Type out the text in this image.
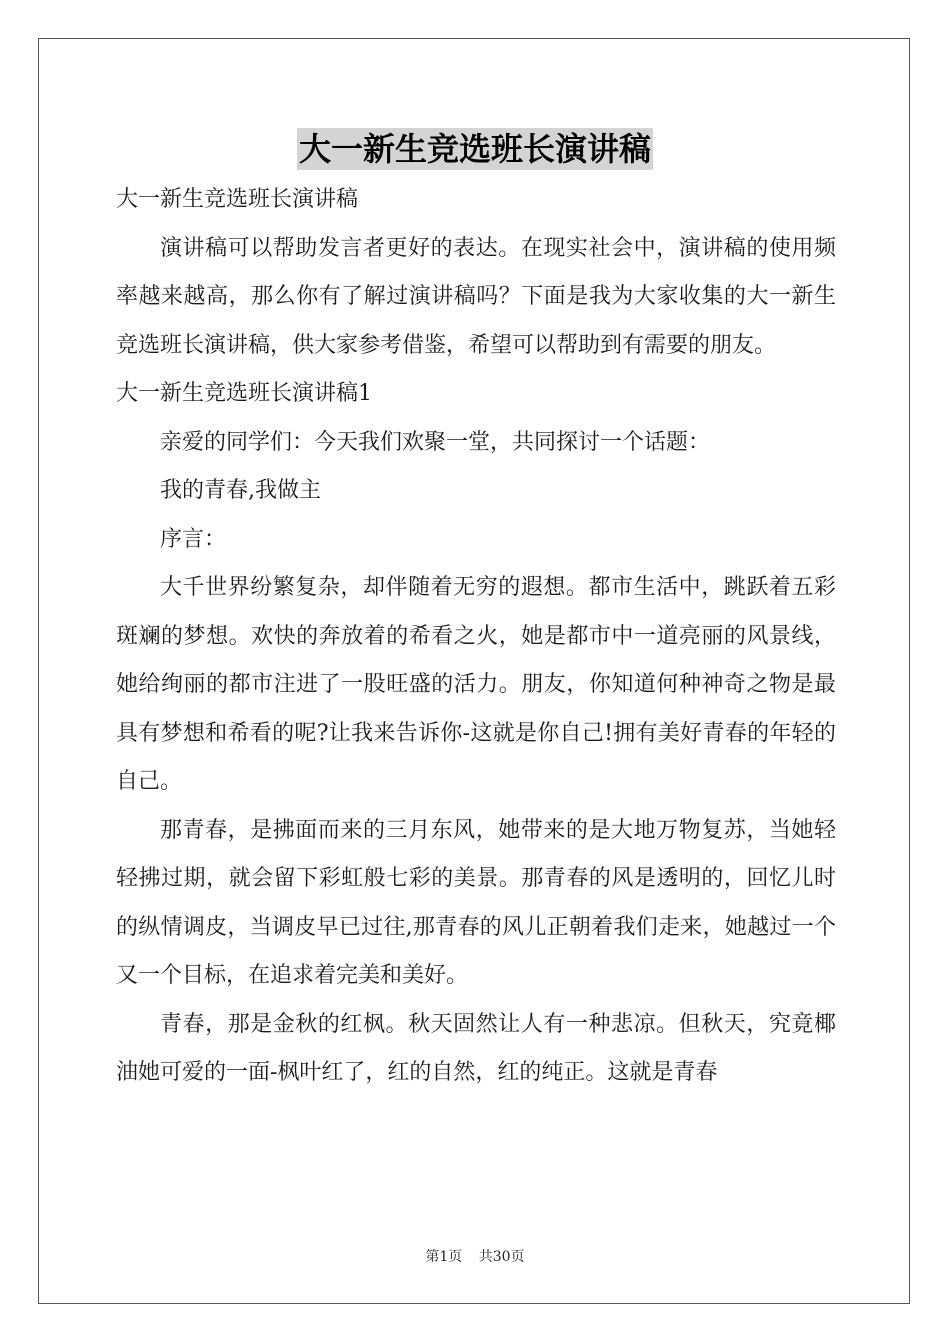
大一新生竞选班长演讲稿

大一新生竞选班长演讲稿

演讲稿可以帮助发言者更好的表达。在现实社会中，演讲稿的使用频率越来越高，那么你有了解过演讲稿吗？下面是我为大家收集的大一新生竞选班长演讲稿，供大家参考借鉴，希望可以帮助到有需要的朋友。

大一新生竞选班长演讲稿1

亲爱的同学们：今天我们欢聚一堂，共同探讨一个话题：

我的青春,我做主

序言：

大千世界纷繁复杂，却伴随着无穷的遐想。都市生活中，跳跃着五彩斑斓的梦想。欢快的奔放着的希看之火，她是都市中一道亮丽的风景线，她给绚丽的都市注进了一股旺盛的活力。朋友，你知道何种神奇之物是最具有梦想和希看的呢?让我来告诉你-这就是你自己!拥有美好青春的年轻的自己。

那青春，是拂面而来的三月东风，她带来的是大地万物复苏，当她轻轻拂过期，就会留下彩虹般七彩的美景。那青春的风是透明的，回忆儿时的纵情调皮，当调皮早已过往,那青春的风儿正朝着我们走来，她越过一个又一个目标，在追求着完美和美好。

青春，那是金秋的红枫。秋天固然让人有一种悲凉。但秋天，究竟椰油她可爱的一面-枫叶红了，红的自然，红的纯正。这就是青春

第1页 共30页
